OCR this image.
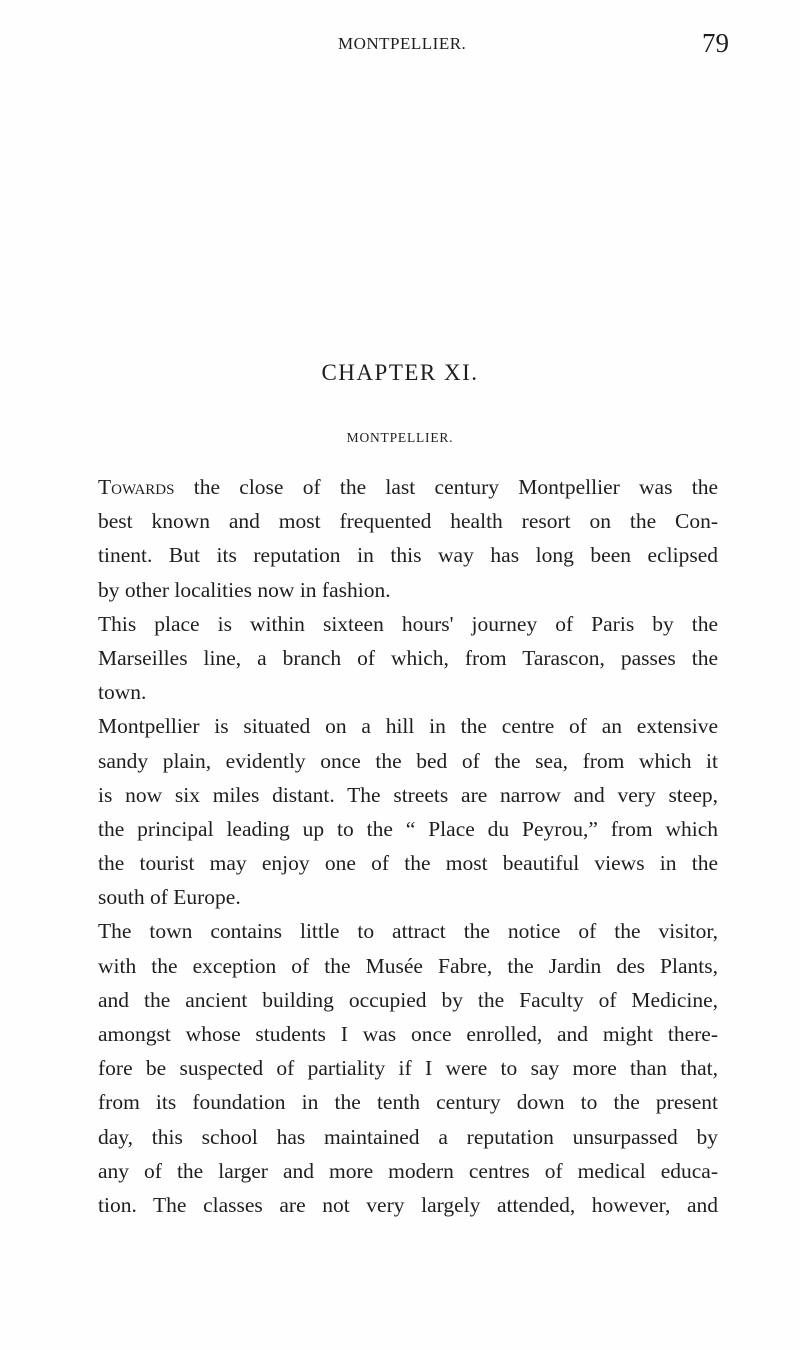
MONTPELLIER.	79
CHAPTER XI.
MONTPELLIER.
Towards the close of the last century Montpellier was the
best known and most frequented health resort on the Con-
tinent. But its reputation in this way has long been eclipsed
by other localities now in fashion.
This place is within sixteen hours' journey of Paris by the
Marseilles line, a branch of which, from Tarascon, passes the
town.
Montpellier is situated on a hill in the centre of an extensive
sandy plain, evidently once the bed of the sea, from which it
is now six miles distant. The streets are narrow and very steep,
the principal leading up to the “ Place du Peyrou,” from which
the tourist may enjoy one of the most beautiful views in the
south of Europe.
The town contains little to attract the notice of the visitor,
with the exception of the Musée Fabre, the Jardin des Plants,
and the ancient building occupied by the Faculty of Medicine,
amongst whose students I was once enrolled, and might there-
fore be suspected of partiality if I were to say more than that,
from its foundation in the tenth century down to the present
day, this school has maintained a reputation unsurpassed by
any of the larger and more modern centres of medical educa-
tion. The classes are not very largely attended, however, and
